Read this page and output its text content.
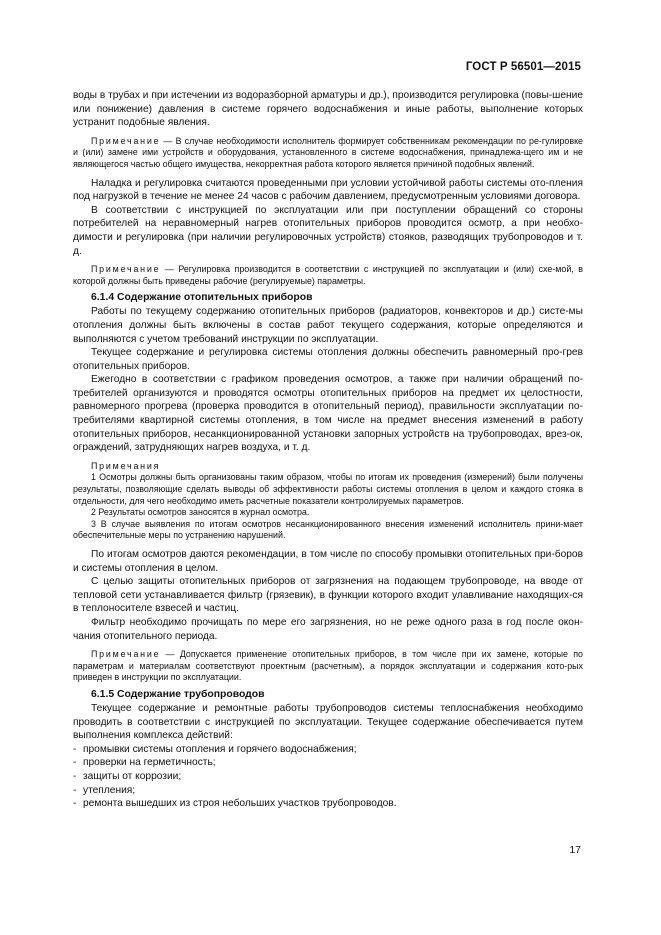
ГОСТ Р 56501—2015

воды в трубах и при истечении из водоразборной арматуры и др.), производится регулировка (повы-шение или понижение) давления в системе горячего водоснабжения и иные работы, выполнение которых устранит подобные явления.

Примечание — В случае необходимости исполнитель формирует собственникам рекомендации по ре-гулировке и (или) замене ими устройств и оборудования, установленного в системе водоснабжения, принадлежа-щего им и не являющегося частью общего имущества, некорректная работа которого является причиной подобных явлений.

Наладка и регулировка считаются проведенными при условии устойчивой работы системы ото-пления под нагрузкой в течение не менее 24 часов с рабочим давлением, предусмотренным условиями договора.

В соответствии с инструкцией по эксплуатации или при поступлении обращений со стороны потребителей на неравномерный нагрев отопительных приборов проводится осмотр, а при необхо-димости и регулировка (при наличии регулировочных устройств) стояков, разводящих трубопроводов и т. д.

Примечание — Регулировка производится в соответствии с инструкцией по эксплуатации и (или) схе-мой, в которой должны быть приведены рабочие (регулируемые) параметры.

6.1.4 Содержание отопительных приборов

Работы по текущему содержанию отопительных приборов (радиаторов, конвекторов и др.) систе-мы отопления должны быть включены в состав работ текущего содержания, которые определяются и выполняются с учетом требований инструкции по эксплуатации.

Текущее содержание и регулировка системы отопления должны обеспечить равномерный про-грев отопительных приборов.

Ежегодно в соответствии с графиком проведения осмотров, а также при наличии обращений по-требителей организуются и проводятся осмотры отопительных приборов на предмет их целостности, равномерного прогрева (проверка проводится в отопительный период), правильности эксплуатации по-требителями квартирной системы отопления, в том числе на предмет внесения изменений в работу отопительных приборов, несанкционированной установки запорных устройств на трубопроводах, врез-ок, ограждений, затрудняющих нагрев воздуха, и т. д.

Примечания

1 Осмотры должны быть организованы таким образом, чтобы по итогам их проведения (измерений) были получены результаты, позволяющие сделать выводы об эффективности работы системы отопления в целом и каждого стояка в отдельности, для чего необходимо иметь расчетные показатели контролируемых параметров.

2 Результаты осмотров заносятся в журнал осмотра.

3 В случае выявления по итогам осмотров несанкционированного внесения изменений исполнитель прини-мает обеспечительные меры по устранению нарушений.

По итогам осмотров даются рекомендации, в том числе по способу промывки отопительных при-боров и системы отопления в целом.

С целью защиты отопительных приборов от загрязнения на подающем трубопроводе, на вводе от тепловой сети устанавливается фильтр (грязевик), в функции которого входит улавливание находящих-ся в теплоносителе взвесей и частиц.

Фильтр необходимо прочищать по мере его загрязнения, но не реже одного раза в год после окон-чания отопительного периода.

Примечание — Допускается применение отопительных приборов, в том числе при их замене, которые по параметрам и материалам соответствуют проектным (расчетным), а порядок эксплуатации и содержания кото-рых приведен в инструкции по эксплуатации.

6.1.5 Содержание трубопроводов

Текущее содержание и ремонтные работы трубопроводов системы теплоснабжения необходимо проводить в соответствии с инструкцией по эксплуатации. Текущее содержание обеспечивается путем выполнения комплекса действий:

- промывки системы отопления и горячего водоснабжения;
- проверки на герметичность;
- защиты от коррозии;
- утепления;
- ремонта вышедших из строя небольших участков трубопроводов.
17
